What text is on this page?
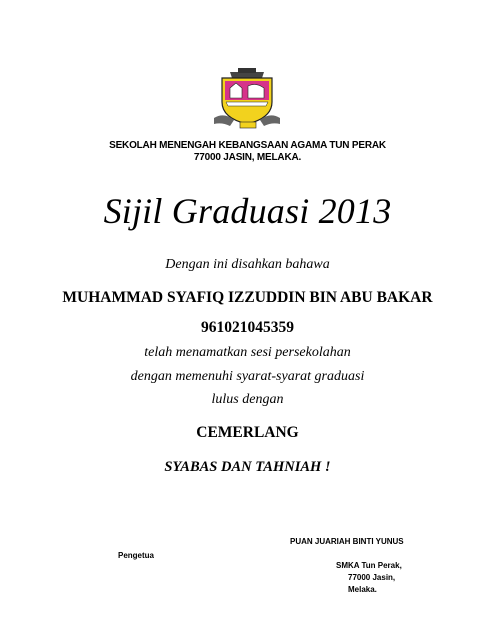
SEKOLAH MENENGAH KEBANGSAAN AGAMA TUN PERAK
77000 JASIN, MELAKA.
Sijil Graduasi 2013
Dengan ini disahkan bahawa
MUHAMMAD SYAFIQ IZZUDDIN BIN ABU BAKAR
961021045359
telah menamatkan sesi persekolahan
dengan memenuhi syarat-syarat graduasi
lulus dengan
CEMERLANG
SYABAS DAN TAHNIAH !
PUAN JUARIAH BINTI YUNUS
Pengetua
SMKA Tun Perak,
77000 Jasin,
Melaka.
